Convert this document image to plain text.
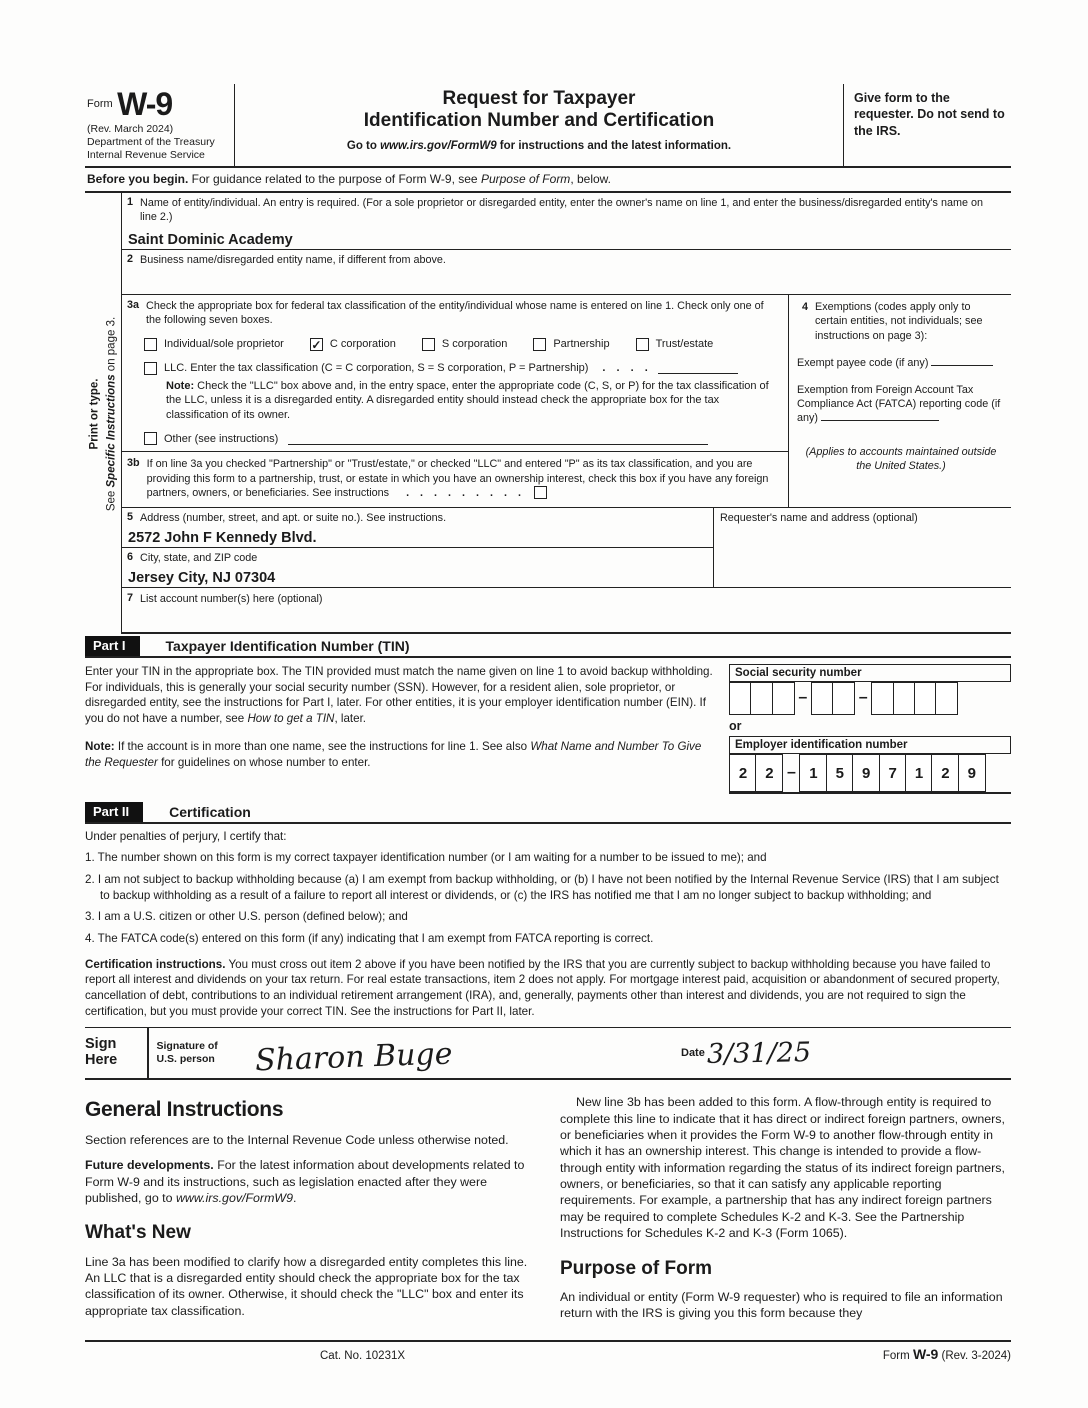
$^{Form}$ W-9
(Rev. March 2024)
Department of the Treasury
Internal Revenue Service
Request for Taxpayer
Identification Number and Certification
Go to www.irs.gov/FormW9 for instructions and the latest information.
Give form to the requester. Do not send to the IRS.
Before you begin. For guidance related to the purpose of Form W-9, see Purpose of Form, below.
Print or type.
See Specific Instructions on page 3.
1 Name of entity/individual. An entry is required. (For a sole proprietor or disregarded entity, enter the owner's name on line 1, and enter the business/disregarded entity's name on line 2.)
Saint Dominic Academy
2 Business name/disregarded entity name, if different from above.
3a Check the appropriate box for federal tax classification of the entity/individual whose name is entered on line 1. Check only one of the following seven boxes.
Individual/sole proprietor ✓ C corporation	S corporation	Partnership	Trust/estate
LLC. Enter the tax classification (C = C corporation, S = S corporation, P = Partnership) . . . .
Note: Check the "LLC" box above and, in the entry space, enter the appropriate code (C, S, or P) for the tax classification of the LLC, unless it is a disregarded entity. A disregarded entity should instead check the appropriate box for the tax classification of its owner.
Other (see instructions)
3b If on line 3a you checked "Partnership" or "Trust/estate," or checked "LLC" and entered "P" as its tax classification, and you are providing this form to a partnership, trust, or estate in which you have an ownership interest, check this box if you have any foreign partners, owners, or beneficiaries. See instructions . . . . . . . . .
4 Exemptions (codes apply only to certain entities, not individuals; see instructions on page 3):
Exempt payee code (if any)
Exemption from Foreign Account Tax Compliance Act (FATCA) reporting code (if any)
(Applies to accounts maintained outside the United States.)
5 Address (number, street, and apt. or suite no.). See instructions.
2572 John F Kennedy Blvd.
6 City, state, and ZIP code
Jersey City, NJ 07304
Requester's name and address (optional)
7 List account number(s) here (optional)
Part I	Taxpayer Identification Number (TIN)
Enter your TIN in the appropriate box. The TIN provided must match the name given on line 1 to avoid backup withholding. For individuals, this is generally your social security number (SSN). However, for a resident alien, sole proprietor, or disregarded entity, see the instructions for Part I, later. For other entities, it is your employer identification number (EIN). If you do not have a number, see How to get a TIN, later.
Note: If the account is in more than one name, see the instructions for line 1. See also What Name and Number To Give the Requester for guidelines on whose number to enter.
Social security number
–	–
or
Employer identification number
2	2 – 1	5	9	7	1	2	9
Part II	Certification
Under penalties of perjury, I certify that:
1. The number shown on this form is my correct taxpayer identification number (or I am waiting for a number to be issued to me); and
2. I am not subject to backup withholding because (a) I am exempt from backup withholding, or (b) I have not been notified by the Internal Revenue Service (IRS) that I am subject to backup withholding as a result of a failure to report all interest or dividends, or (c) the IRS has notified me that I am no longer subject to backup withholding; and
3. I am a U.S. citizen or other U.S. person (defined below); and
4. The FATCA code(s) entered on this form (if any) indicating that I am exempt from FATCA reporting is correct.
Certification instructions. You must cross out item 2 above if you have been notified by the IRS that you are currently subject to backup withholding because you have failed to report all interest and dividends on your tax return. For real estate transactions, item 2 does not apply. For mortgage interest paid, acquisition or abandonment of secured property, cancellation of debt, contributions to an individual retirement arrangement (IRA), and, generally, payments other than interest and dividends, you are not required to sign the certification, but you must provide your correct TIN. See the instructions for Part II, later.
Sign
Here
Signature of
U.S. person	Sharon Buge	Date 3/31/25
General Instructions

Section references are to the Internal Revenue Code unless otherwise noted.

Future developments. For the latest information about developments related to Form W-9 and its instructions, such as legislation enacted after they were published, go to www.irs.gov/FormW9.

What's New

Line 3a has been modified to clarify how a disregarded entity completes this line. An LLC that is a disregarded entity should check the appropriate box for the tax classification of its owner. Otherwise, it should check the "LLC" box and enter its appropriate tax classification.

New line 3b has been added to this form. A flow-through entity is required to complete this line to indicate that it has direct or indirect foreign partners, owners, or beneficiaries when it provides the Form W-9 to another flow-through entity in which it has an ownership interest. This change is intended to provide a flow-through entity with information regarding the status of its indirect foreign partners, owners, or beneficiaries, so that it can satisfy any applicable reporting requirements. For example, a partnership that has any indirect foreign partners may be required to complete Schedules K-2 and K-3. See the Partnership Instructions for Schedules K-2 and K-3 (Form 1065).

Purpose of Form

An individual or entity (Form W-9 requester) who is required to file an information return with the IRS is giving you this form because they

Cat. No. 10231X	Form W-9 (Rev. 3-2024)
